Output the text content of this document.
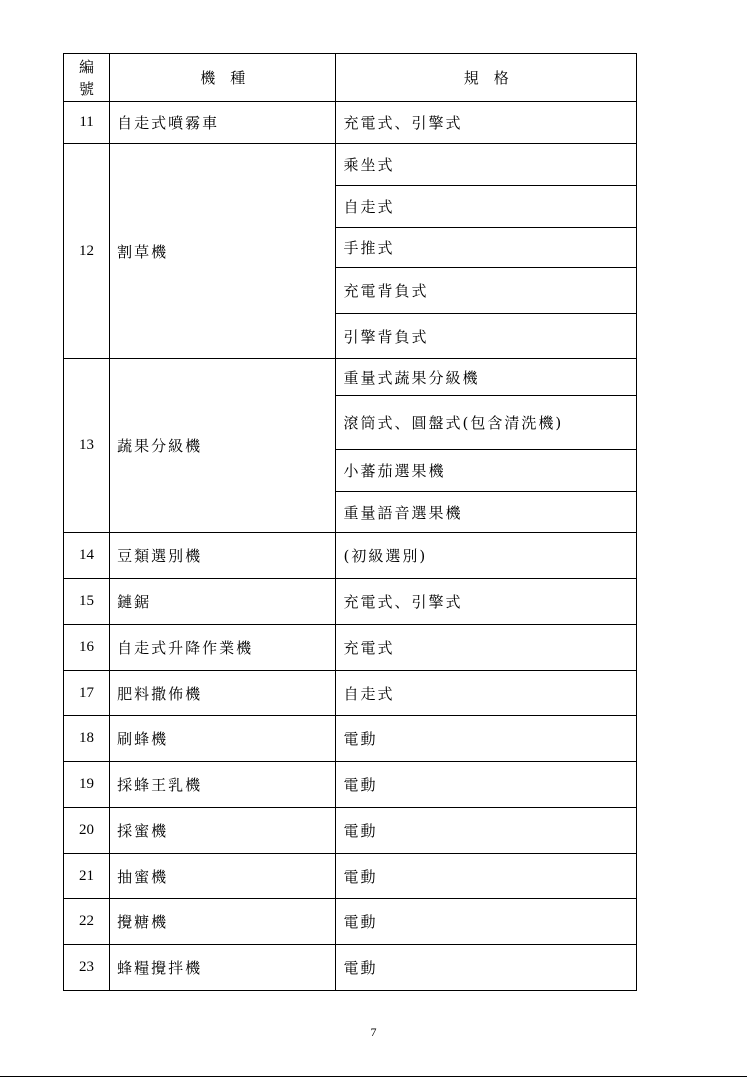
編
號	機　種	規　格
11	自走式噴霧車	充電式、引擎式
12	割草機	乘坐式
		自走式
		手推式
		充電背負式
		引擎背負式
13	蔬果分級機	重量式蔬果分級機
		滾筒式、圓盤式(包含清洗機)
		小蕃茄選果機
		重量語音選果機
14	豆類選別機	(初級選別)
15	鏈鋸	充電式、引擎式
16	自走式升降作業機	充電式
17	肥料撒佈機	自走式
18	刷蜂機	電動
19	採蜂王乳機	電動
20	採蜜機	電動
21	抽蜜機	電動
22	攪糖機	電動
23	蜂糧攪拌機	電動
7
